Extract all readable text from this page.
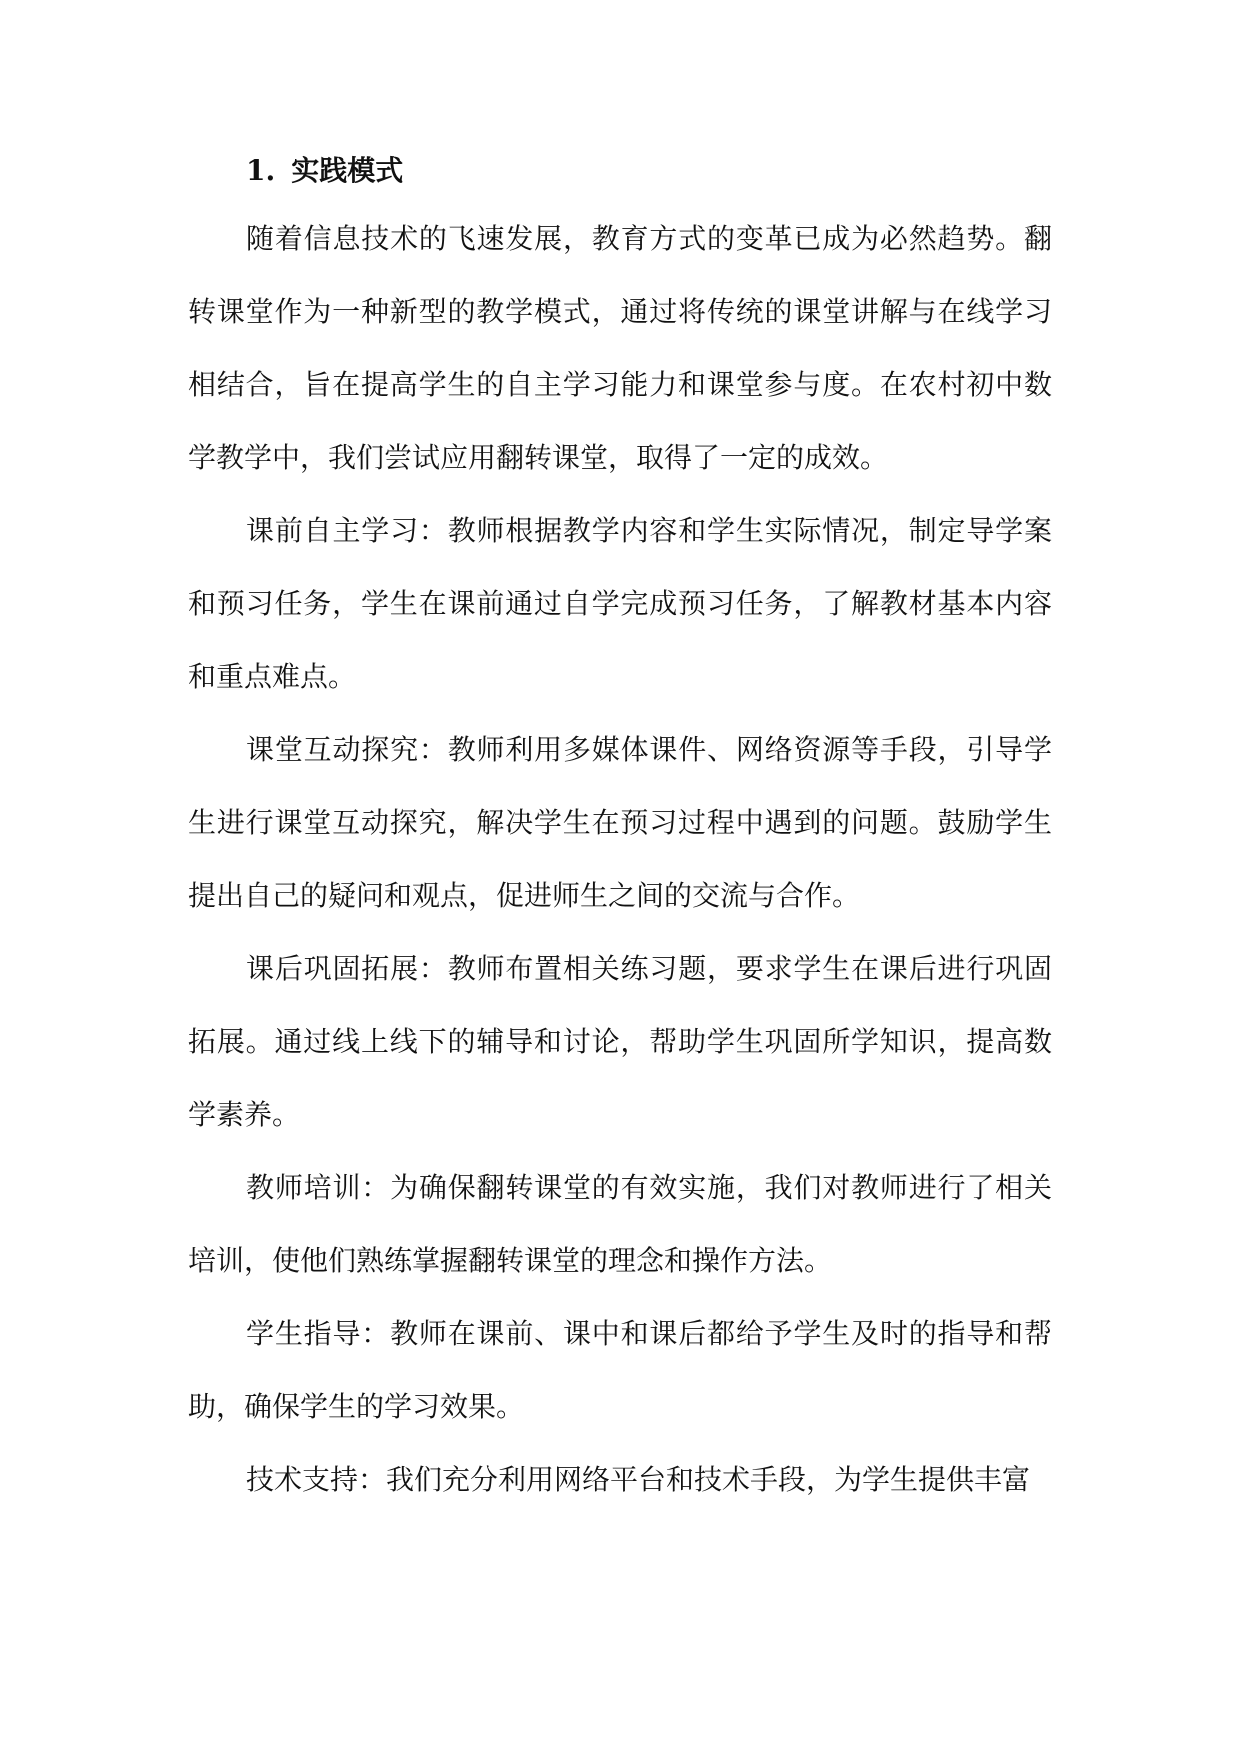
1. 实践模式

随着信息技术的飞速发展，教育方式的变革已成为必然趋势。翻转课堂作为一种新型的教学模式，通过将传统的课堂讲解与在线学习相结合，旨在提高学生的自主学习能力和课堂参与度。在农村初中数学教学中，我们尝试应用翻转课堂，取得了一定的成效。

课前自主学习：教师根据教学内容和学生实际情况，制定导学案和预习任务，学生在课前通过自学完成预习任务，了解教材基本内容和重点难点。

课堂互动探究：教师利用多媒体课件、网络资源等手段，引导学生进行课堂互动探究，解决学生在预习过程中遇到的问题。鼓励学生提出自己的疑问和观点，促进师生之间的交流与合作。

课后巩固拓展：教师布置相关练习题，要求学生在课后进行巩固拓展。通过线上线下的辅导和讨论，帮助学生巩固所学知识，提高数学素养。

教师培训：为确保翻转课堂的有效实施，我们对教师进行了相关培训，使他们熟练掌握翻转课堂的理念和操作方法。

学生指导：教师在课前、课中和课后都给予学生及时的指导和帮助，确保学生的学习效果。

技术支持：我们充分利用网络平台和技术手段，为学生提供丰富
